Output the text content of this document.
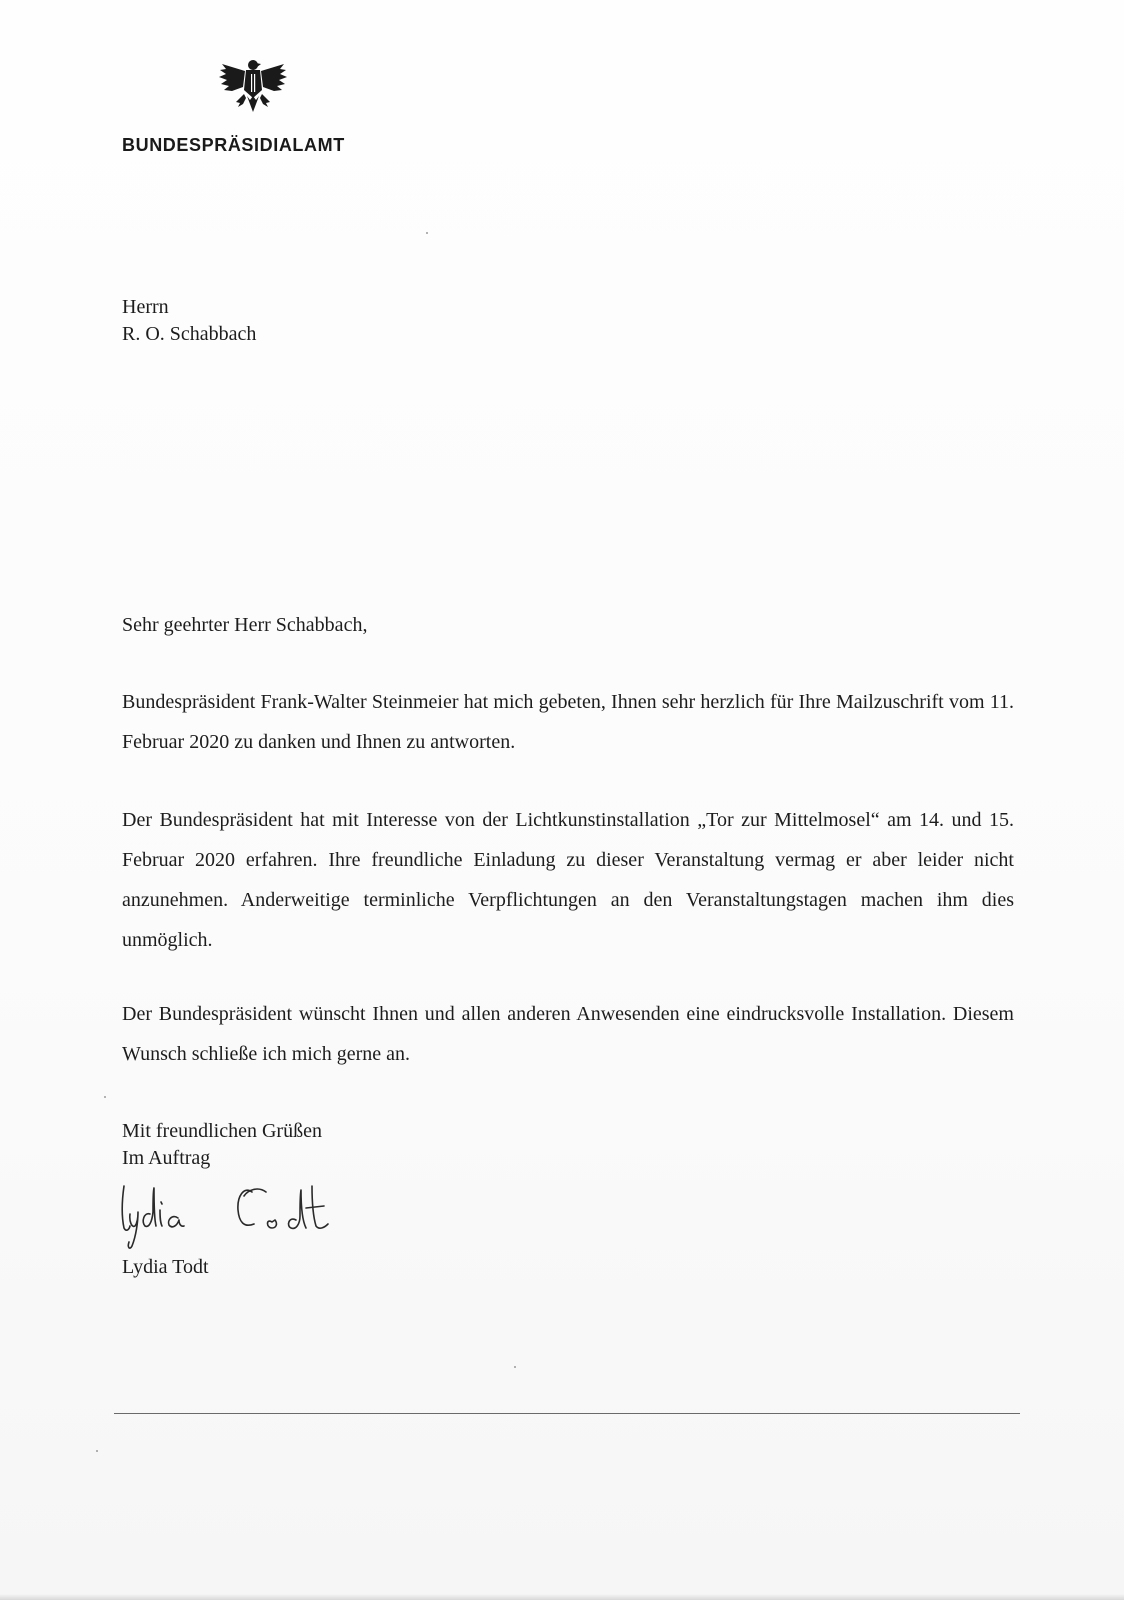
BUNDESPRÄSIDIALAMT
Herrn
R. O. Schabbach
Sehr geehrter Herr Schabbach,

Bundespräsident Frank-Walter Steinmeier hat mich gebeten, Ihnen sehr herzlich für Ihre Mailzuschrift vom 11. Februar 2020 zu danken und Ihnen zu antworten.

Der Bundespräsident hat mit Interesse von der Lichtkunstinstallation „Tor zur Mittelmosel“ am 14. und 15. Februar 2020 erfahren. Ihre freundliche Einladung zu dieser Veranstaltung vermag er aber leider nicht anzunehmen. Anderweitige terminliche Verpflichtungen an den Veranstaltungstagen machen ihm dies unmöglich.

Der Bundespräsident wünscht Ihnen und allen anderen Anwesenden eine eindrucksvolle Installation. Diesem Wunsch schließe ich mich gerne an.

Mit freundlichen Grüßen
Im Auftrag
Lydia Todt
